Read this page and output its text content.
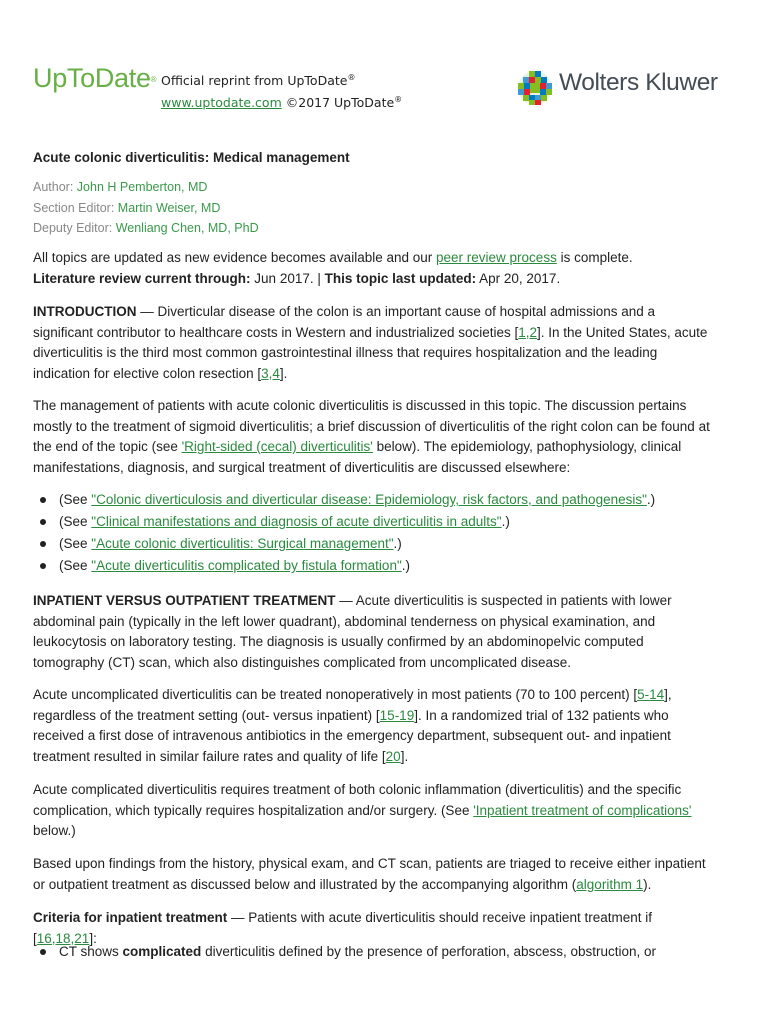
UpToDate® Official reprint from UpToDate®
www.uptodate.com ©2017 UpToDate®
Wolters Kluwer
Acute colonic diverticulitis: Medical management
Author: John H Pemberton, MD
Section Editor: Martin Weiser, MD
Deputy Editor: Wenliang Chen, MD, PhD

All topics are updated as new evidence becomes available and our peer review process is complete.

Literature review current through: Jun 2017. | This topic last updated: Apr 20, 2017.

INTRODUCTION — Diverticular disease of the colon is an important cause of hospital admissions and a significant contributor to healthcare costs in Western and industrialized societies [1,2]. In the United States, acute diverticulitis is the third most common gastrointestinal illness that requires hospitalization and the leading indication for elective colon resection [3,4].

The management of patients with acute colonic diverticulitis is discussed in this topic. The discussion pertains mostly to the treatment of sigmoid diverticulitis; a brief discussion of diverticulitis of the right colon can be found at the end of the topic (see 'Right-sided (cecal) diverticulitis' below). The epidemiology, pathophysiology, clinical manifestations, diagnosis, and surgical treatment of diverticulitis are discussed elsewhere:

(See "Colonic diverticulosis and diverticular disease: Epidemiology, risk factors, and pathogenesis".)
(See "Clinical manifestations and diagnosis of acute diverticulitis in adults".)
(See "Acute colonic diverticulitis: Surgical management".)
(See "Acute diverticulitis complicated by fistula formation".)

INPATIENT VERSUS OUTPATIENT TREATMENT — Acute diverticulitis is suspected in patients with lower abdominal pain (typically in the left lower quadrant), abdominal tenderness on physical examination, and leukocytosis on laboratory testing. The diagnosis is usually confirmed by an abdominopelvic computed tomography (CT) scan, which also distinguishes complicated from uncomplicated disease.

Acute uncomplicated diverticulitis can be treated nonoperatively in most patients (70 to 100 percent) [5-14], regardless of the treatment setting (out- versus inpatient) [15-19]. In a randomized trial of 132 patients who received a first dose of intravenous antibiotics in the emergency department, subsequent out- and inpatient treatment resulted in similar failure rates and quality of life [20].

Acute complicated diverticulitis requires treatment of both colonic inflammation (diverticulitis) and the specific complication, which typically requires hospitalization and/or surgery. (See 'Inpatient treatment of complications' below.)

Based upon findings from the history, physical exam, and CT scan, patients are triaged to receive either inpatient or outpatient treatment as discussed below and illustrated by the accompanying algorithm (algorithm 1).

Criteria for inpatient treatment — Patients with acute diverticulitis should receive inpatient treatment if [16,18,21]:

CT shows complicated diverticulitis defined by the presence of perforation, abscess, obstruction, or
